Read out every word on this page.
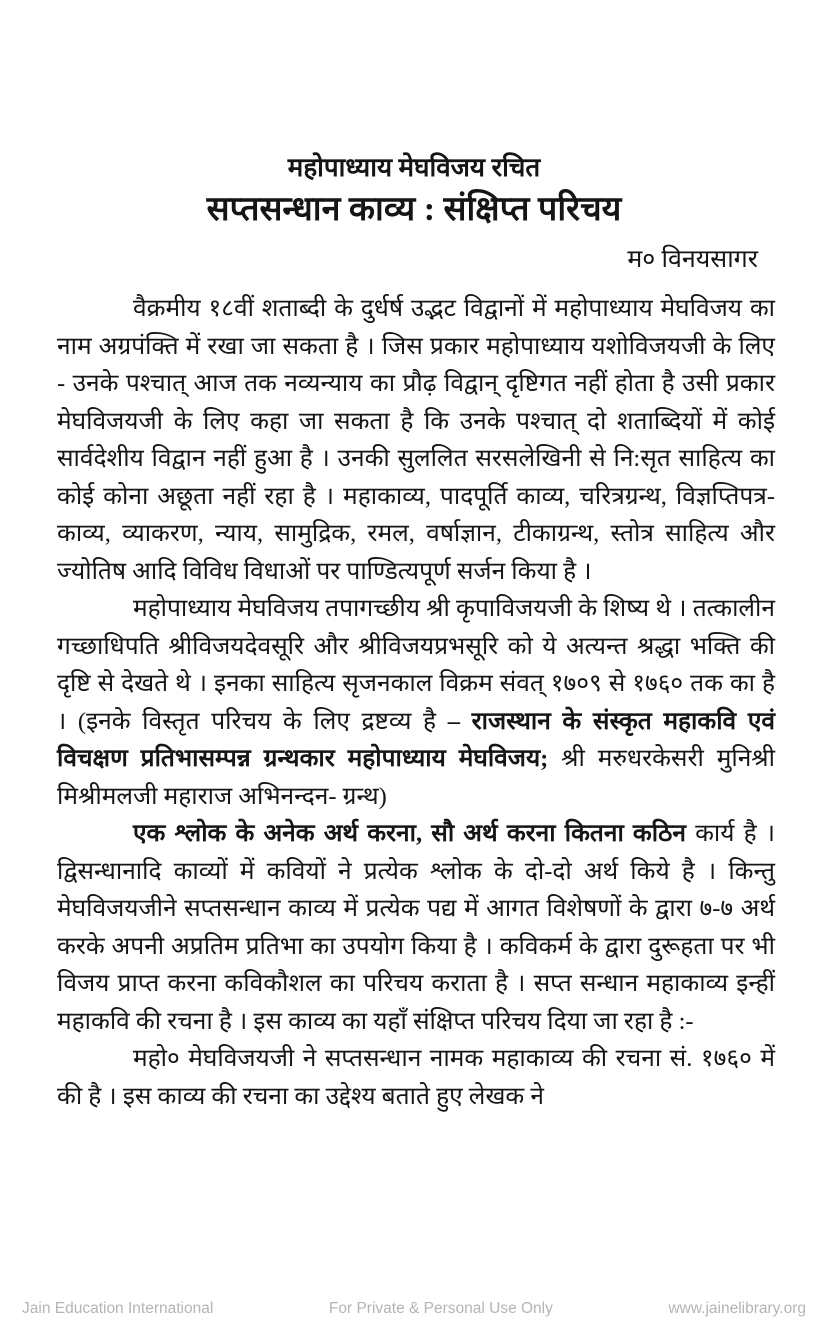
महोपाध्याय मेघविजय रचित
सप्तसन्धान काव्य : संक्षिप्त परिचय
म० विनयसागर

वैक्रमीय १८वीं शताब्दी के दुर्धर्ष उद्भट विद्वानों में महोपाध्याय मेघविजय का नाम अग्रपंक्ति में रखा जा सकता है । जिस प्रकार महोपाध्याय यशोविजयजी के लिए - उनके पश्चात् आज तक नव्यन्याय का प्रौढ़ विद्वान् दृष्टिगत नहीं होता है उसी प्रकार मेघविजयजी के लिए कहा जा सकता है कि उनके पश्चात् दो शताब्दियों में कोई सार्वदेशीय विद्वान नहीं हुआ है । उनकी सुललित सरसलेखिनी से नि:सृत साहित्य का कोई कोना अछूता नहीं रहा है । महाकाव्य, पादपूर्ति काव्य, चरित्रग्रन्थ, विज्ञप्तिपत्र-काव्य, व्याकरण, न्याय, सामुद्रिक, रमल, वर्षाज्ञान, टीकाग्रन्थ, स्तोत्र साहित्य और ज्योतिष आदि विविध विधाओं पर पाण्डित्यपूर्ण सर्जन किया है ।

महोपाध्याय मेघविजय तपागच्छीय श्री कृपाविजयजी के शिष्य थे । तत्कालीन गच्छाधिपति श्रीविजयदेवसूरि और श्रीविजयप्रभसूरि को ये अत्यन्त श्रद्धा भक्ति की दृष्टि से देखते थे । इनका साहित्य सृजनकाल विक्रम संवत् १७०९ से १७६० तक का है । (इनके विस्तृत परिचय के लिए द्रष्टव्य है – राजस्थान के संस्कृत महाकवि एवं विचक्षण प्रतिभासम्पन्न ग्रन्थकार महोपाध्याय मेघविजय; श्री मरुधरकेसरी मुनिश्री मिश्रीमलजी महाराज अभिनन्दन- ग्रन्थ)

एक श्लोक के अनेक अर्थ करना, सौ अर्थ करना कितना कठिन कार्य है । द्विसन्धानादि काव्यों में कवियों ने प्रत्येक श्लोक के दो-दो अर्थ किये है । किन्तु मेघविजयजीने सप्तसन्धान काव्य में प्रत्येक पद्य में आगत विशेषणों के द्वारा ७-७ अर्थ करके अपनी अप्रतिम प्रतिभा का उपयोग किया है । कविकर्म के द्वारा दुरूहता पर भी विजय प्राप्त करना कविकौशल का परिचय कराता है । सप्त सन्धान महाकाव्य इन्हीं महाकवि की रचना है । इस काव्य का यहाँ संक्षिप्त परिचय दिया जा रहा है :-

महो० मेघविजयजी ने सप्तसन्धान नामक महाकाव्य की रचना सं. १७६० में की है । इस काव्य की रचना का उद्देश्य बताते हुए लेखक ने

Jain Education International	For Private & Personal Use Only	www.jainelibrary.org
